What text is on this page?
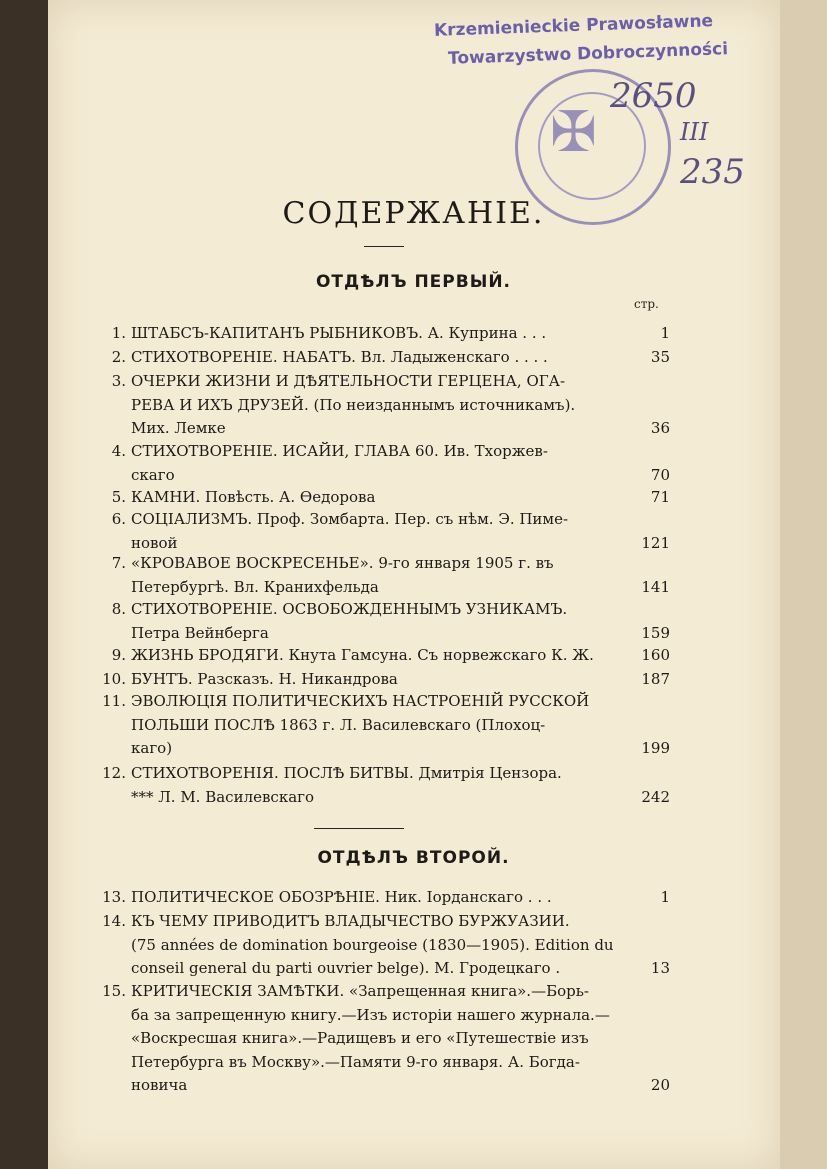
Krzemienieckie Prawosławne
Towarzystwo Dobroczynności
✠
2650
III
235
СОДЕРЖАНІЕ.
ОТДѢЛЪ ПЕРВЫЙ.
стр.
ОТДѢЛЪ ВТОРОЙ.
1. ШТАБСЪ-КАПИТАНЪ РЫБНИКОВЪ. А. Куприна . . .	1
2. СТИХОТВОРЕНІЕ. НАБАТЪ. Вл. Ладыженскаго . . . .	35
3. ОЧЕРКИ ЖИЗНИ И ДѢЯТЕЛЬНОСТИ ГЕРЦЕНА, ОГА-
РЕВА И ИХЪ ДРУЗЕЙ. (По неизданнымъ источникамъ).
Мих. Лемке	36
4. СТИХОТВОРЕНІЕ. ИСАЙИ, ГЛАВА 60. Ив. Тхоржев-
скаго	70
5. КАМНИ. Повѣсть. А. Ѳедорова	71
6. СОЦІАЛИЗМЪ. Проф. Зомбарта. Пер. съ нѣм. Э. Пиме-
новой	121
7. «КРОВАВОЕ ВОСКРЕСЕНЬЕ». 9-го января 1905 г. въ
Петербургѣ. Вл. Кранихфельда	141
8. СТИХОТВОРЕНІЕ. ОСВОБОЖДЕННЫМЪ УЗНИКАМЪ.
Петра Вейнберга	159
9. ЖИЗНЬ БРОДЯГИ. Кнута Гамсуна. Съ норвежскаго К. Ж.	160
10. БУНТЪ. Разсказъ. Н. Никандрова	187
11. ЭВОЛЮЦІЯ ПОЛИТИЧЕСКИХЪ НАСТРОЕНІЙ РУССКОЙ
ПОЛЬШИ ПОСЛѢ 1863 г. Л. Василевскаго (Плохоц-
каго)	199
12. СТИХОТВОРЕНІЯ. ПОСЛѢ БИТВЫ. Дмитрія Цензора.
*** Л. М. Василевскаго	242
13. ПОЛИТИЧЕСКОЕ ОБОЗРѢНІЕ. Ник. Іорданскаго . . .	1
14. КЪ ЧЕМУ ПРИВОДИТЪ ВЛАДЫЧЕСТВО БУРЖУАЗИИ.
(75 années de domination bourgeoise (1830—1905). Edition du
conseil general du parti ouvrier belge). М. Гродецкаго .	13
15. КРИТИЧЕСКІЯ ЗАМѢТКИ. «Запрещенная книга».—Борь-
ба за запрещенную книгу.—Изъ исторіи нашего журнала.—
«Воскресшая книга».—Радищевъ и его «Путешествіе изъ
Петербурга въ Москву».—Памяти 9-го января. А. Богда-
новича	20
